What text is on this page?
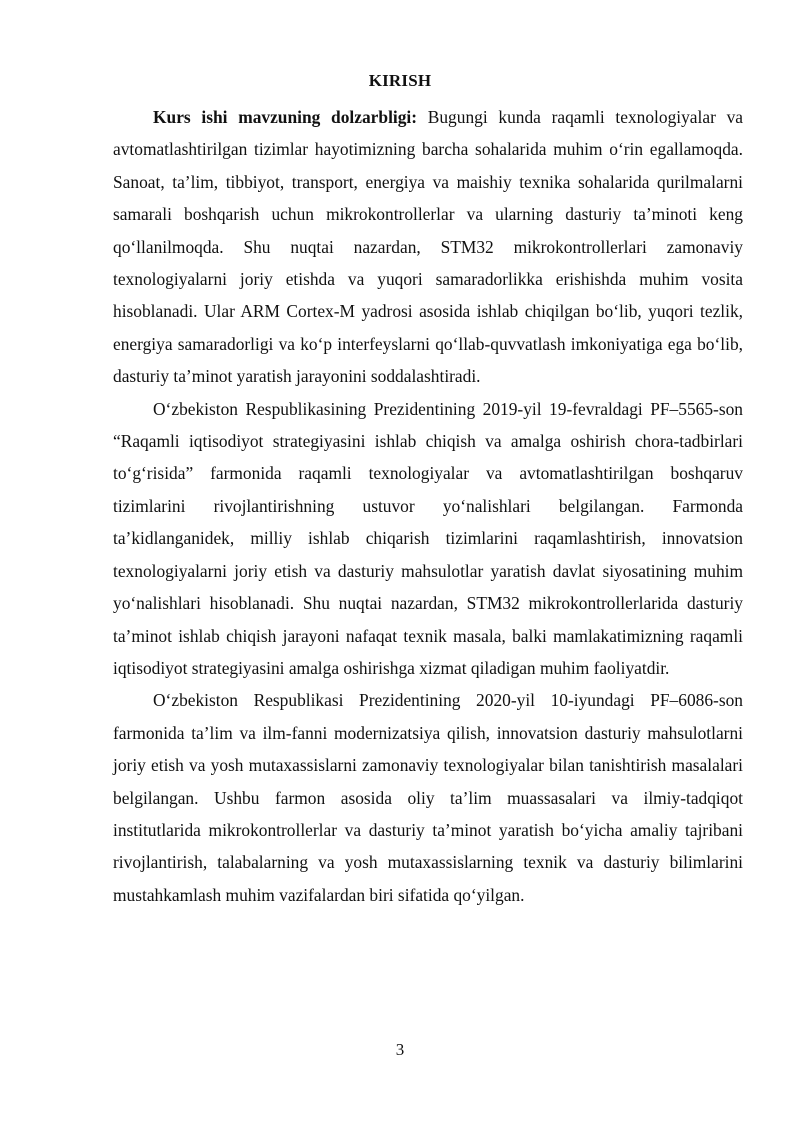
KIRISH

Kurs ishi mavzuning dolzarbligi: Bugungi kunda raqamli texnologiyalar va avtomatlashtirilgan tizimlar hayotimizning barcha sohalarida muhim o‘rin egallamoqda. Sanoat, ta’lim, tibbiyot, transport, energiya va maishiy texnika sohalarida qurilmalarni samarali boshqarish uchun mikrokontrollerlar va ularning dasturiy ta’minoti keng qo‘llanilmoqda. Shu nuqtai nazardan, STM32 mikrokontrollerlari zamonaviy texnologiyalarni joriy etishda va yuqori samaradorlikka erishishda muhim vosita hisoblanadi. Ular ARM Cortex-M yadrosi asosida ishlab chiqilgan bo‘lib, yuqori tezlik, energiya samaradorligi va ko‘p interfeyslarni qo‘llab-quvvatlash imkoniyatiga ega bo‘lib, dasturiy ta’minot yaratish jarayonini soddalashtiradi.

O‘zbekiston Respublikasining Prezidentining 2019-yil 19-fevraldagi PF–5565-son “Raqamli iqtisodiyot strategiyasini ishlab chiqish va amalga oshirish chora-tadbirlari to‘g‘risida” farmonida raqamli texnologiyalar va avtomatlashtirilgan boshqaruv tizimlarini rivojlantirishning ustuvor yo‘nalishlari belgilangan. Farmonda ta’kidlanganidek, milliy ishlab chiqarish tizimlarini raqamlashtirish, innovatsion texnologiyalarni joriy etish va dasturiy mahsulotlar yaratish davlat siyosatining muhim yo‘nalishlari hisoblanadi. Shu nuqtai nazardan, STM32 mikrokontrollerlarida dasturiy ta’minot ishlab chiqish jarayoni nafaqat texnik masala, balki mamlakatimizning raqamli iqtisodiyot strategiyasini amalga oshirishga xizmat qiladigan muhim faoliyatdir.

O‘zbekiston Respublikasi Prezidentining 2020-yil 10-iyundagi PF–6086-son farmonida ta’lim va ilm-fanni modernizatsiya qilish, innovatsion dasturiy mahsulotlarni joriy etish va yosh mutaxassislarni zamonaviy texnologiyalar bilan tanishtirish masalalari belgilangan. Ushbu farmon asosida oliy ta’lim muassasalari va ilmiy-tadqiqot institutlarida mikrokontrollerlar va dasturiy ta’minot yaratish bo‘yicha amaliy tajribani rivojlantirish, talabalarning va yosh mutaxassislarning texnik va dasturiy bilimlarini mustahkamlash muhim vazifalardan biri sifatida qo‘yilgan.

3
